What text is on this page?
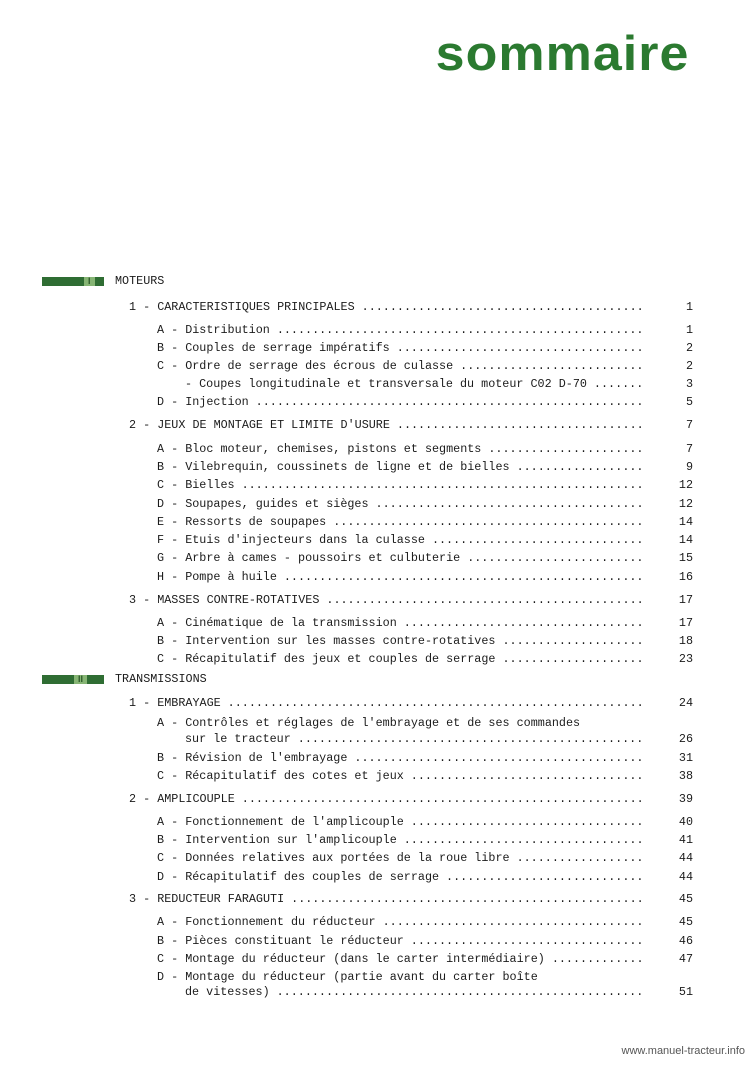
sommaire
I	MOTEURS
1 - CARACTERISTIQUES PRINCIPALES .....	1
A - Distribution .....	1
B - Couples de serrage impératifs .....	2
C - Ordre de serrage des écrous de culasse .....	2
- Coupes longitudinale et transversale du moteur C02 D-70 .....	3
D - Injection .....	5
2 - JEUX DE MONTAGE ET LIMITE D'USURE .....	7
A - Bloc moteur, chemises, pistons et segments .....	7
B - Vilebrequin, coussinets de ligne et de bielles .....	9
C - Bielles .....	12
D - Soupapes, guides et sièges .....	12
E - Ressorts de soupapes .....	14
F - Etuis d'injecteurs dans la culasse .....	14
G - Arbre à cames - poussoirs et culbuterie .....	15
H - Pompe à huile .....	16
3 - MASSES CONTRE-ROTATIVES .....	17
A - Cinématique de la transmission .....	17
B - Intervention sur les masses contre-rotatives .....	18
C - Récapitulatif des jeux et couples de serrage .....	23
II	TRANSMISSIONS
1 - EMBRAYAGE .....	24
A - Contrôles et réglages de l'embrayage et de ses commandes
sur le tracteur .....	26
B - Révision de l'embrayage .....	31
C - Récapitulatif des cotes et jeux .....	38
2 - AMPLICOUPLE .....	39
A - Fonctionnement de l'amplicouple .....	40
B - Intervention sur l'amplicouple .....	41
C - Données relatives aux portées de la roue libre .....	44
D - Récapitulatif des couples de serrage .....	44
3 - REDUCTEUR FARAGUTI .....	45
A - Fonctionnement du réducteur .....	45
B - Pièces constituant le réducteur .....	46
C - Montage du réducteur (dans le carter intermédiaire) .....	47
D - Montage du réducteur (partie avant du carter boîte
de vitesses) .....	51
www.manuel-tracteur.info
